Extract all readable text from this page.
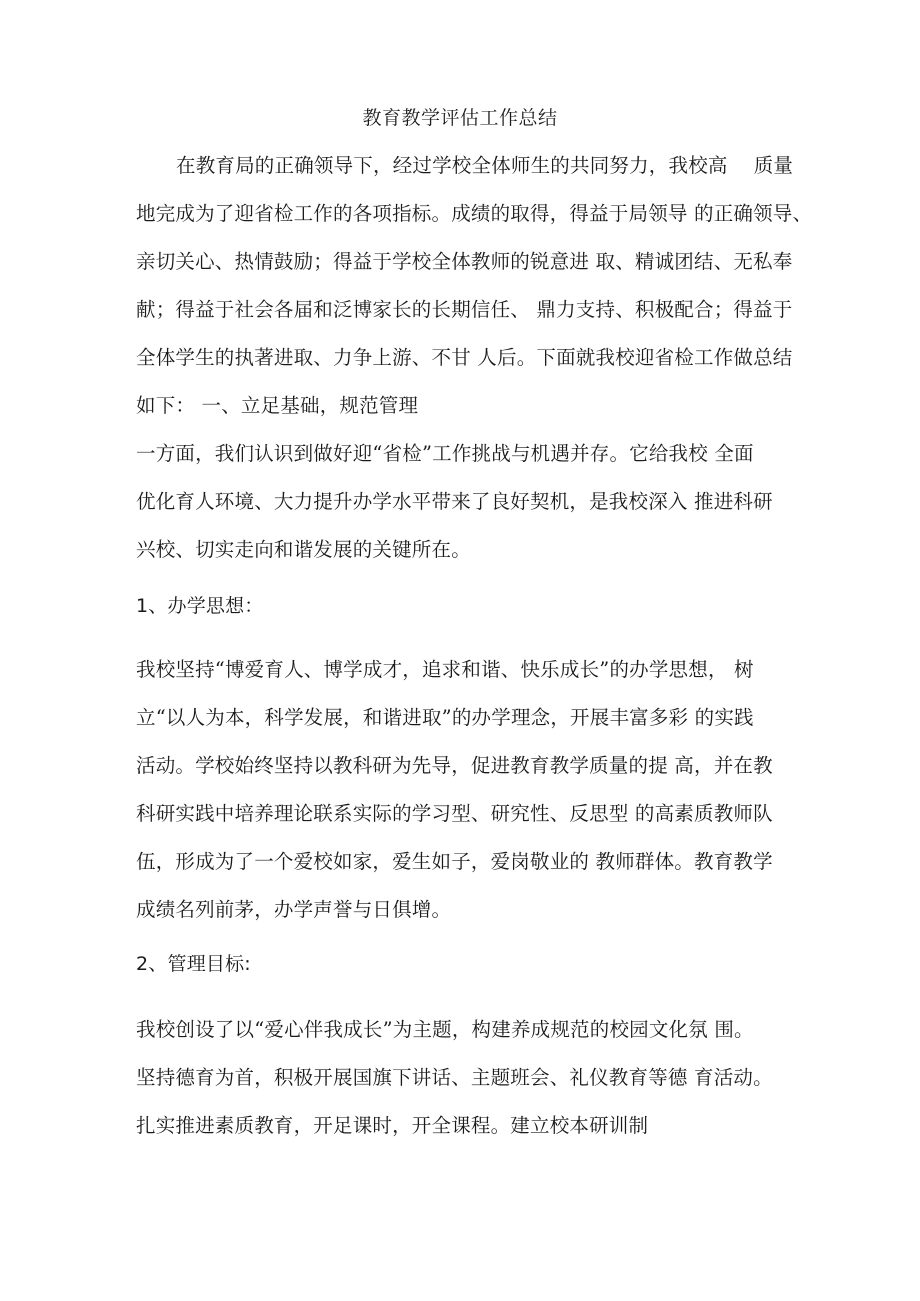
教育教学评估工作总结
在教育局的正确领导下，经过学校全体师生的共同努力，我校高　 质量
地完成为了迎省检工作的各项指标。成绩的取得，得益于局领导 的正确领导、
亲切关心、热情鼓励；得益于学校全体教师的锐意进 取、精诚团结、无私奉
献；得益于社会各届和泛博家长的长期信任、 鼎力支持、积极配合；得益于
全体学生的执著进取、力争上游、不甘 人后。下面就我校迎省检工作做总结
如下： 一、立足基础，规范管理
一方面，我们认识到做好迎“省检”工作挑战与机遇并存。它给我校 全面
优化育人环境、大力提升办学水平带来了良好契机，是我校深入 推进科研
兴校、切实走向和谐发展的关键所在。
1、办学思想：
我校坚持“博爱育人、博学成才，追求和谐、快乐成长”的办学思想， 树
立“以人为本，科学发展，和谐进取”的办学理念，开展丰富多彩 的实践
活动。学校始终坚持以教科研为先导，促进教育教学质量的提 高，并在教
科研实践中培养理论联系实际的学习型、研究性、反思型 的高素质教师队
伍，形成为了一个爱校如家，爱生如子，爱岗敬业的 教师群体。教育教学
成绩名列前茅，办学声誉与日俱增。
2、管理目标:
我校创设了以“爱心伴我成长”为主题，构建养成规范的校园文化氛 围。
坚持德育为首，积极开展国旗下讲话、主题班会、礼仪教育等德 育活动。
扎实推进素质教育，开足课时，开全课程。建立校本研训制
